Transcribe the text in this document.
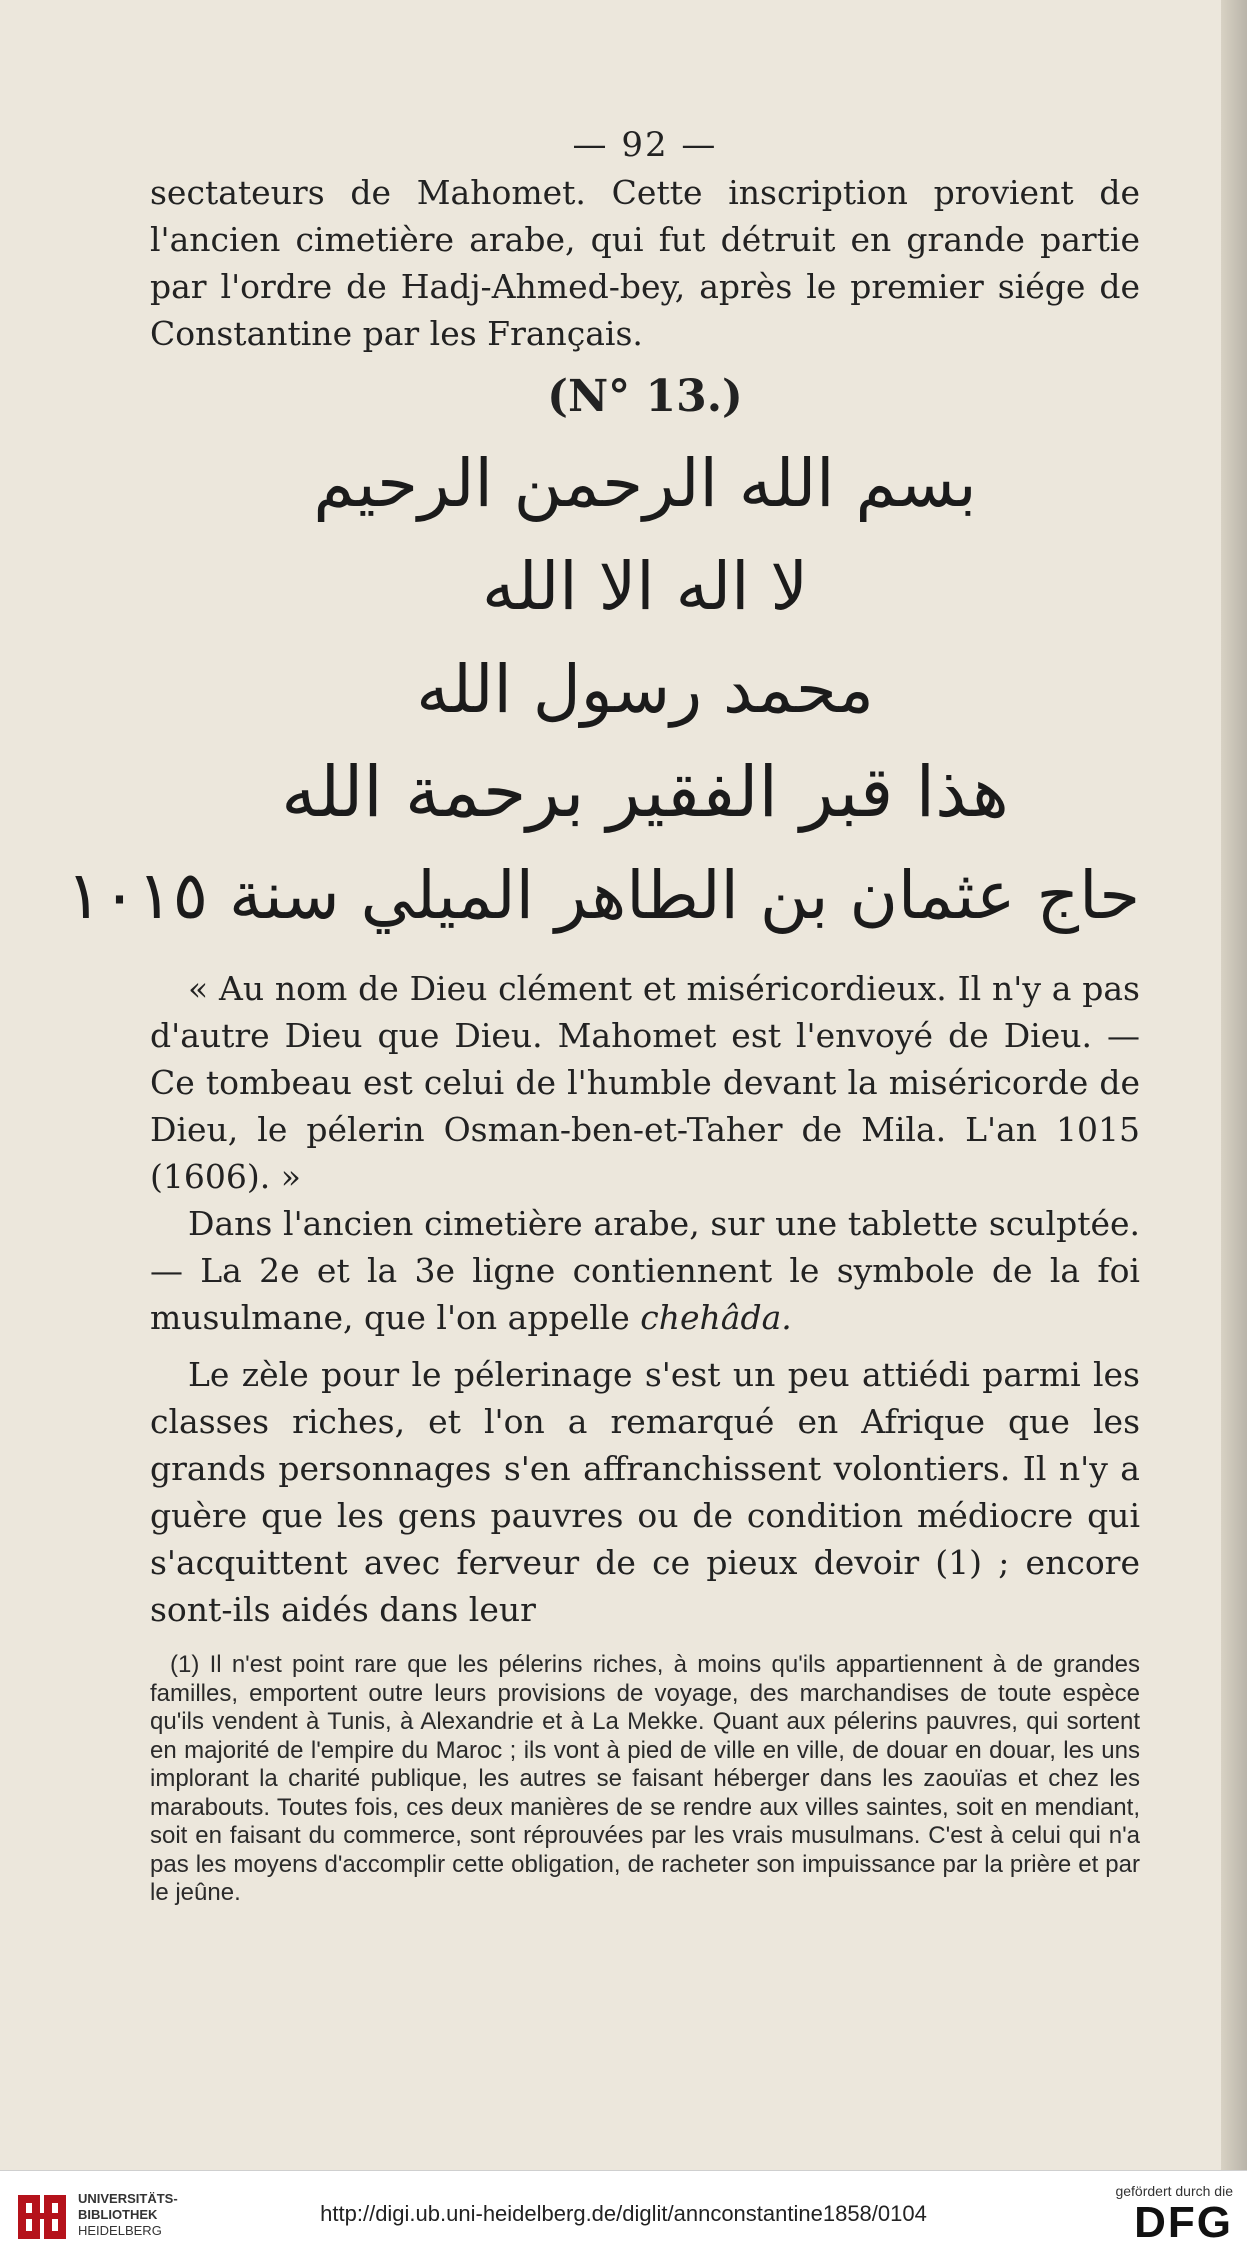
— 92 —

sectateurs de Mahomet. Cette inscription provient de l'ancien cimetière arabe, qui fut détruit en grande partie par l'ordre de Hadj-Ahmed-bey, après le premier siége de Constantine par les Français.

(N° 13.)
بسم الله الرحمن الرحيم
لا اله الا الله
محمد رسول الله
هذا قبر الفقير برحمة الله
حاج عثمان بن الطاهر الميلي سنة ١٠١٥

« Au nom de Dieu clément et miséricordieux. Il n'y a pas d'autre Dieu que Dieu. Mahomet est l'envoyé de Dieu. — Ce tombeau est celui de l'humble devant la miséricorde de Dieu, le pélerin Osman-ben-et-Taher de Mila. L'an 1015 (1606). »

Dans l'ancien cimetière arabe, sur une tablette sculptée. — La 2e et la 3e ligne contiennent le symbole de la foi musulmane, que l'on appelle chehâda.

Le zèle pour le pélerinage s'est un peu attiédi parmi les classes riches, et l'on a remarqué en Afrique que les grands personnages s'en affranchissent volontiers. Il n'y a guère que les gens pauvres ou de condition médiocre qui s'acquittent avec ferveur de ce pieux devoir (1) ; encore sont-ils aidés dans leur

(1) Il n'est point rare que les pélerins riches, à moins qu'ils appartiennent à de grandes familles, emportent outre leurs provisions de voyage, des marchandises de toute espèce qu'ils vendent à Tunis, à Alexandrie et à La Mekke. Quant aux pélerins pauvres, qui sortent en majorité de l'empire du Maroc ; ils vont à pied de ville en ville, de douar en douar, les uns implorant la charité publique, les autres se faisant héberger dans les zaouïas et chez les marabouts. Toutes fois, ces deux manières de se rendre aux villes saintes, soit en mendiant, soit en faisant du commerce, sont réprouvées par les vrais musulmans. C'est à celui qui n'a pas les moyens d'accomplir cette obligation, de racheter son impuissance par la prière et par le jeûne.
UNIVERSITÄTS-
BIBLIOTHEK
HEIDELBERG
http://digi.ub.uni-heidelberg.de/diglit/annconstantine1858/0104
gefördert durch die
DFG
